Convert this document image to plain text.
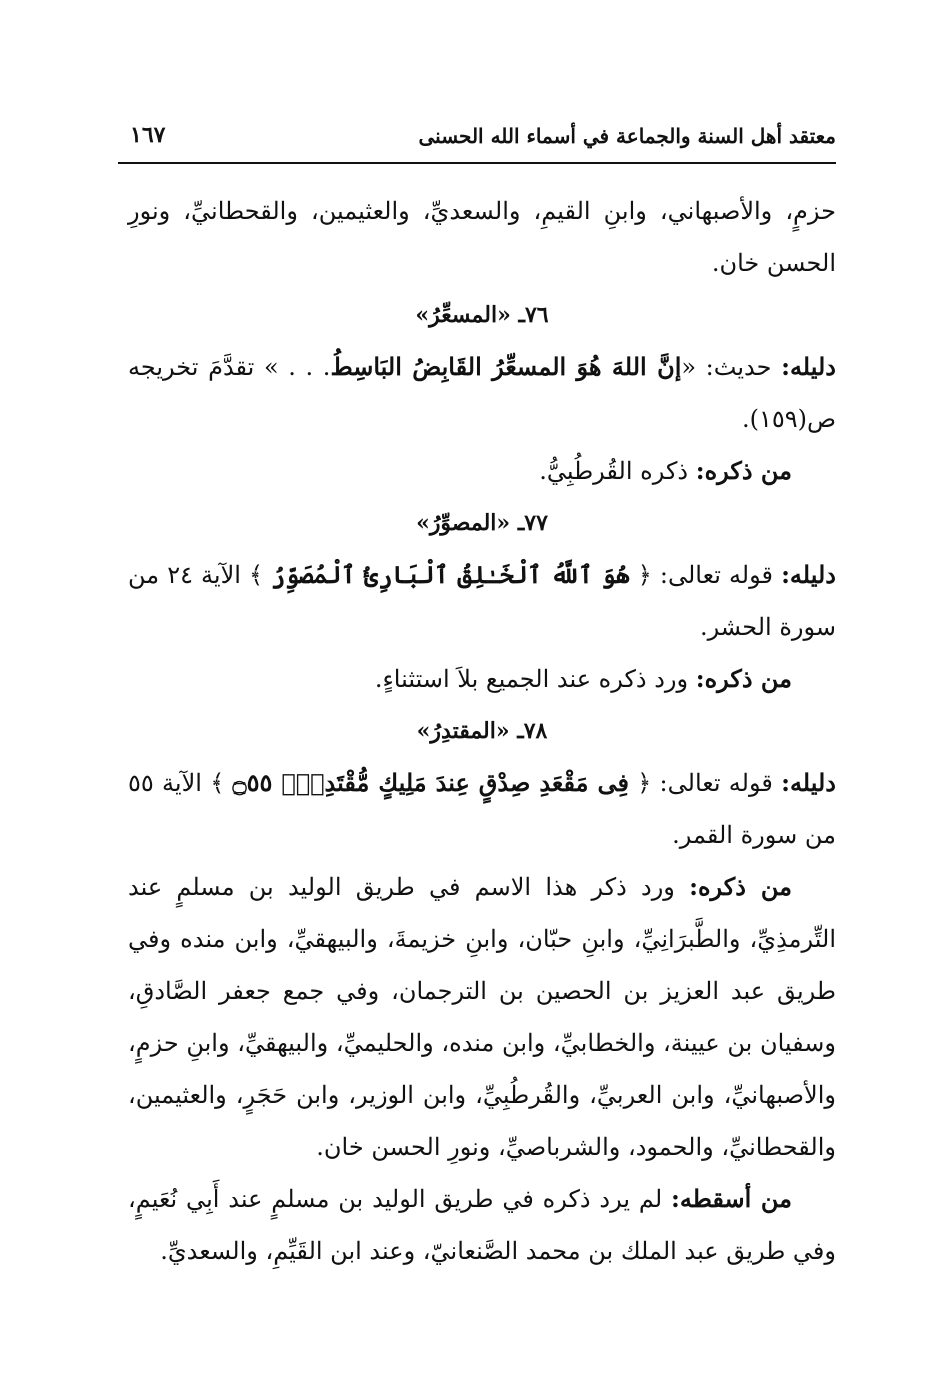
معتقد أهل السنة والجماعة في أسماء الله الحسنى
١٦٧

حزمٍ، والأصبهاني، وابنِ القيمِ، والسعديِّ، والعثيمين، والقحطانيِّ، ونورِ الحسن خان.

٧٦ـ «المسعِّرُ»

دليله: حديث: «إنَّ اللهَ هُوَ المسعِّرُ القَابِضُ البَاسِطُ. . . » تقدَّمَ تخريجه ص(١٥٩).

من ذكره: ذكره القُرطُبِيُّ.

٧٧ـ «المصوِّرُ»

دليله: قوله تعالى: ﴿ هُوَ ٱللَّهُ ٱلْخَـٰلِقُ ٱلْبَارِئُ ٱلْمُصَوِّرُ ﴾ الآية ٢٤ من سورة الحشر.

من ذكره: ورد ذكره عند الجميع بلاَ استثناءٍ.

٧٨ـ «المقتدِرُ»

دليله: قوله تعالى: ﴿ فِى مَقْعَدِ صِدْقٍ عِندَ مَلِيكٍ مُّقْتَدِرٍۭ ۝٥٥ ﴾ الآية ٥٥ من سورة القمر.

من ذكره: ورد ذكر هذا الاسم في طريق الوليد بن مسلمٍ عند التِّرمذِيِّ، والطَّبرَانِيِّ، وابنِ حبّان، وابنِ خزيمةَ، والبيهقيِّ، وابن منده وفي طريق عبد العزيز بن الحصين بن الترجمان، وفي جمع جعفر الصَّادقِ، وسفيان بن عيينة، والخطابيِّ، وابن منده، والحليميِّ، والبيهقيِّ، وابنِ حزمٍ، والأصبهانيِّ، وابن العربيِّ، والقُرطُبِيِّ، وابن الوزير، وابن حَجَرٍ، والعثيمين، والقحطانيِّ، والحمود، والشرباصيِّ، ونورِ الحسن خان.

من أسقطه: لم يرد ذكره في طريق الوليد بن مسلمٍ عند أَبِي نُعَيمٍ، وفي طريق عبد الملك بن محمد الصَّنعانيّ، وعند ابن القَيِّمِ، والسعديِّ.
